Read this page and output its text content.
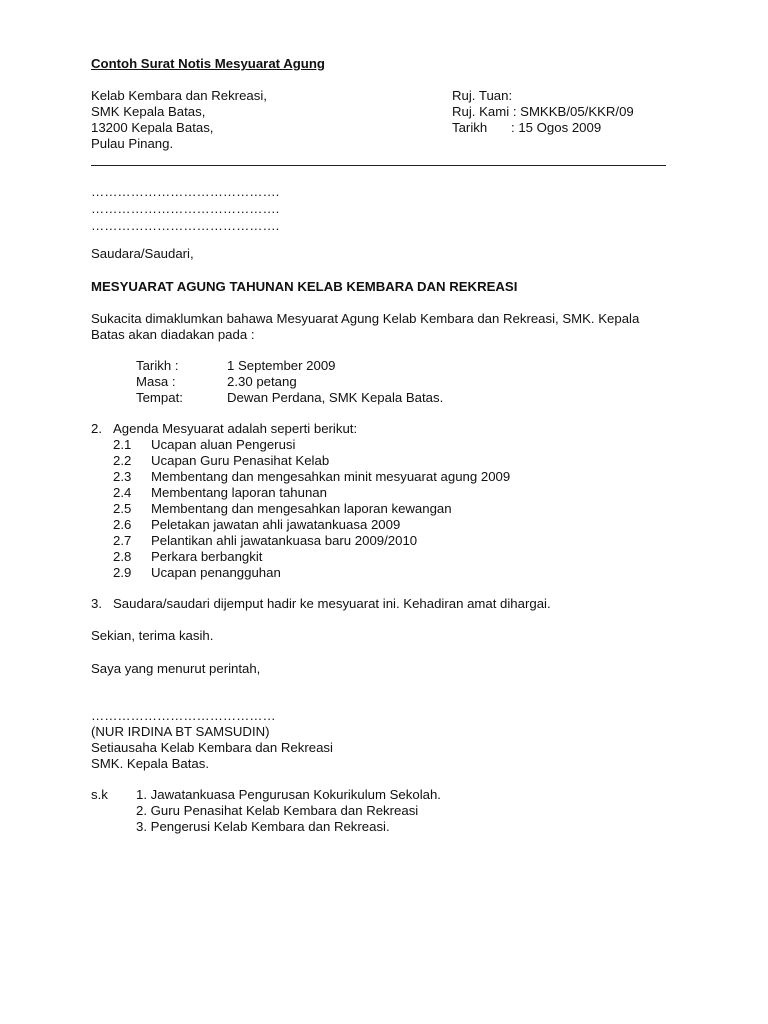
Contoh Surat Notis Mesyuarat Agung
Kelab Kembara dan Rekreasi,
SMK Kepala Batas,
13200 Kepala Batas,
Pulau Pinang.
Ruj. Tuan:
Ruj. Kami : SMKKB/05/KKR/09
Tarikh : 15 Ogos 2009
…………………………………….
…………………………………….
…………………………………….
Saudara/Saudari,
MESYUARAT AGUNG TAHUNAN KELAB KEMBARA DAN REKREASI
Sukacita dimaklumkan bahawa Mesyuarat Agung Kelab Kembara dan Rekreasi, SMK. Kepala
Batas akan diadakan pada :
Tarikh :	1 September 2009
Masa :	2.30 petang
Tempat:	Dewan Perdana, SMK Kepala Batas.
2. Agenda Mesyuarat adalah seperti berikut:
2.1 Ucapan aluan Pengerusi
2.2 Ucapan Guru Penasihat Kelab
2.3 Membentang dan mengesahkan minit mesyuarat agung 2009
2.4 Membentang laporan tahunan
2.5 Membentang dan mengesahkan laporan kewangan
2.6 Peletakan jawatan ahli jawatankuasa 2009
2.7 Pelantikan ahli jawatankuasa baru 2009/2010
2.8 Perkara berbangkit
2.9 Ucapan penangguhan
3. Saudara/saudari dijemput hadir ke mesyuarat ini. Kehadiran amat dihargai.
Sekian, terima kasih.
Saya yang menurut perintah,
……………………………………
(NUR IRDINA BT SAMSUDIN)
Setiausaha Kelab Kembara dan Rekreasi
SMK. Kepala Batas.
s.k 1. Jawatankuasa Pengurusan Kokurikulum Sekolah.
2. Guru Penasihat Kelab Kembara dan Rekreasi
3. Pengerusi Kelab Kembara dan Rekreasi.
